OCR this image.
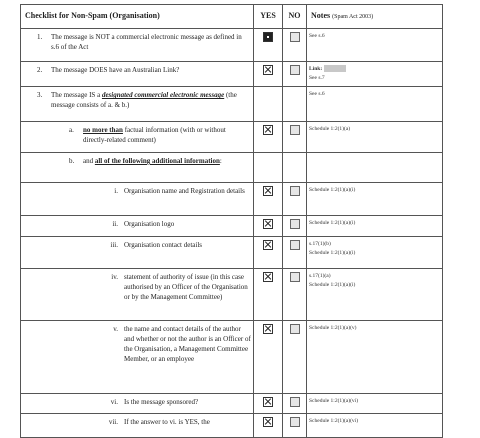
Checklist for Non-Spam (Organisation)	YES	NO	Notes (Spam Act 2003)

1. The message is NOT a commercial electronic message as defined in s.6 of the Act			See s.6

2. The message DOES have an Australian Link?			Link:
See s.7

3. The message IS a designated commercial electronic message (the message consists of a. & b.)			See s.6

a. no more than factual information (with or without directly-related comment)			Schedule 1:2(1)(a)

b. and all of the following additional information:			

i. Organisation name and Registration details			Schedule 1:2(1)(a)(i)

ii. Organisation logo			Schedule 1:2(1)(a)(i)

iii. Organisation contact details			s.17(1)(b)
Schedule 1:2(1)(a)(i)

iv. statement of authority of issue (in this case authorised by an Officer of the Organisation or by the Management Committee)			s.17(1)(a)
Schedule 1:2(1)(a)(i)

v. the name and contact details of the author and whether or not the author is an Officer of the Organisation, a Management Committee Member, or an employee			Schedule 1:2(1)(a)(v)

vi. Is the message sponsored?			Schedule 1:2(1)(a)(vi)

vii. If the answer to vi. is YES, the			Schedule 1:2(1)(a)(vi)
